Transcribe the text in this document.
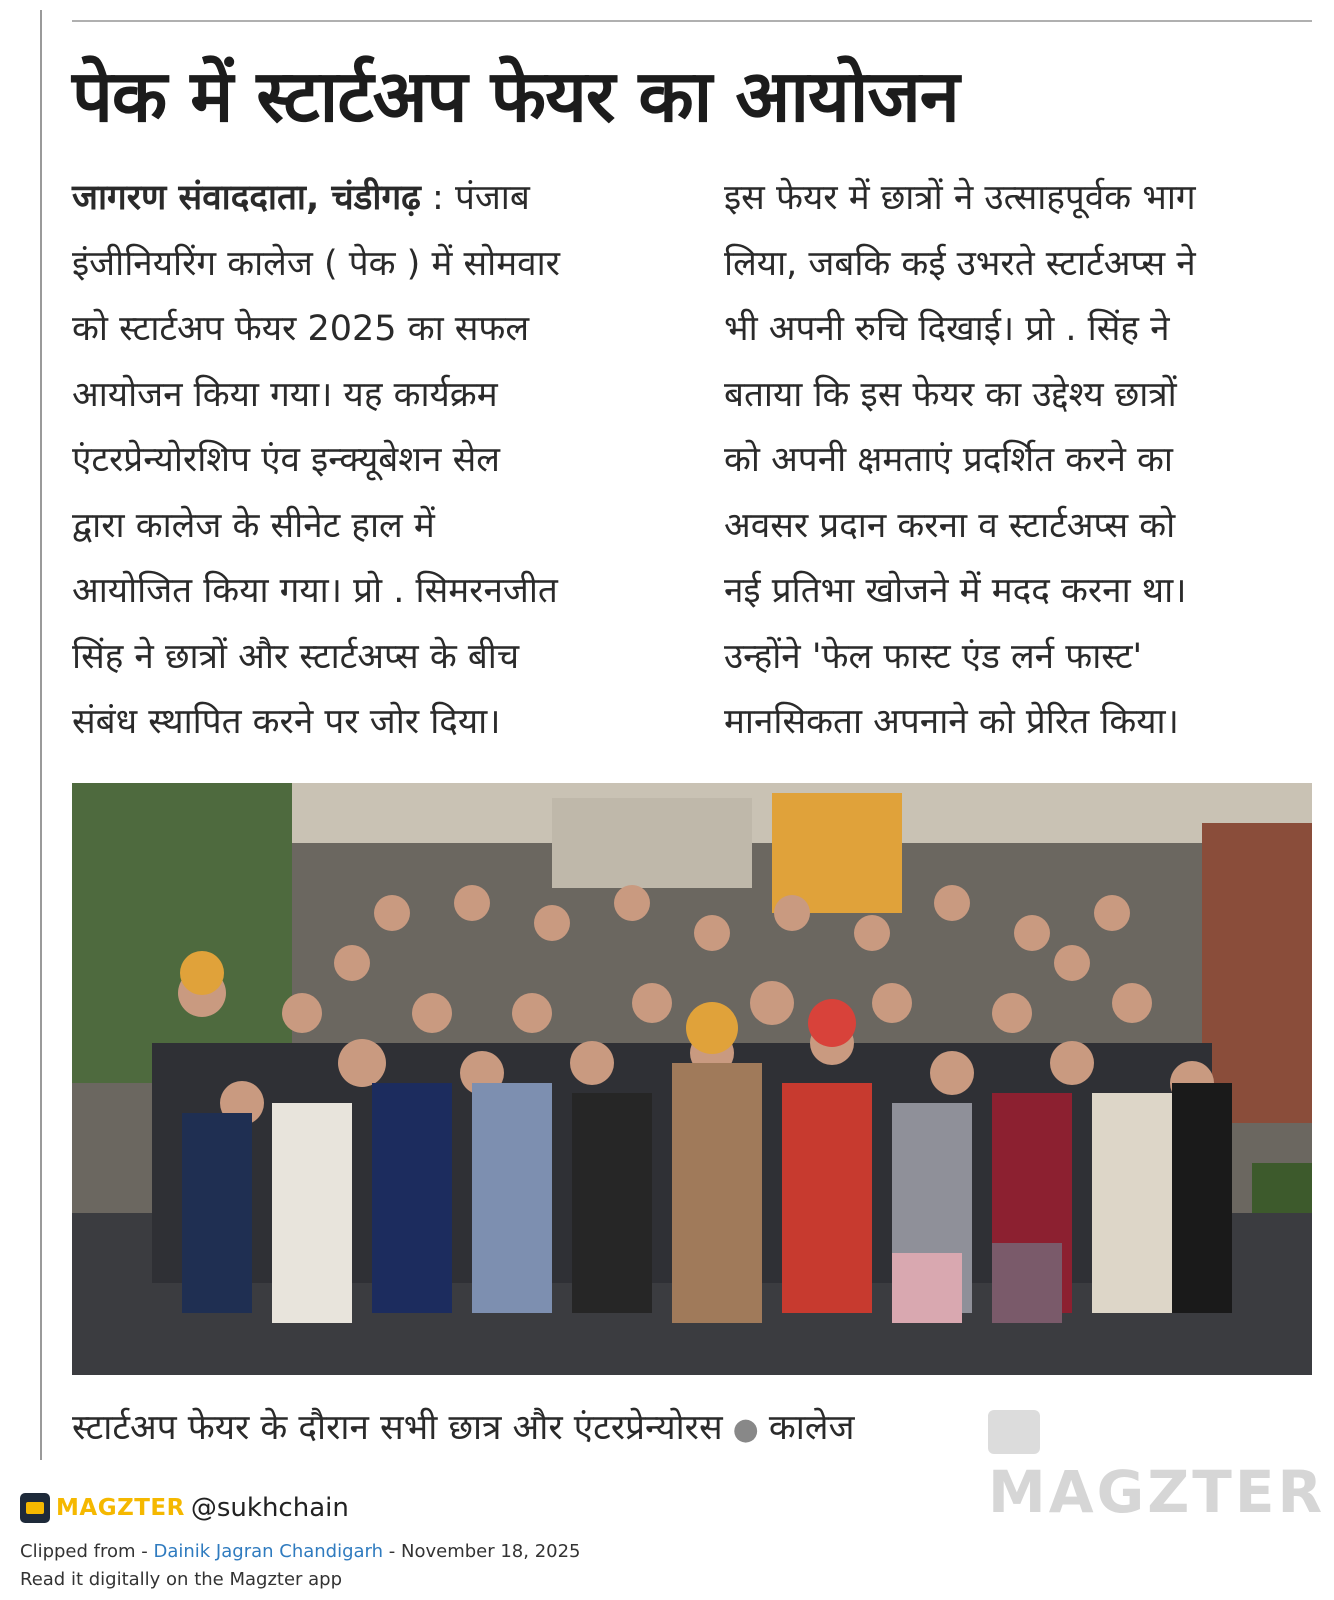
पेक में स्टार्टअप फेयर का आयोजन
जागरण संवाददाता, चंडीगढ़ : पंजाब
इंजीनियरिंग कालेज ( पेक ) में सोमवार
को स्टार्टअप फेयर 2025 का सफल
आयोजन किया गया। यह कार्यक्रम
एंटरप्रेन्योरशिप एंव इन्क्यूबेशन सेल
द्वारा कालेज के सीनेट हाल में
आयोजित किया गया। प्रो . सिमरनजीत
सिंह ने छात्रों और स्टार्टअप्स के बीच
संबंध स्थापित करने पर जोर दिया।
इस फेयर में छात्रों ने उत्साहपूर्वक भाग
लिया, जबकि कई उभरते स्टार्टअप्स ने
भी अपनी रुचि दिखाई। प्रो . सिंह ने
बताया कि इस फेयर का उद्देश्य छात्रों
को अपनी क्षमताएं प्रदर्शित करने का
अवसर प्रदान करना व स्टार्टअप्स को
नई प्रतिभा खोजने में मदद करना था।
उन्होंने 'फेल फास्ट एंड लर्न फास्ट'
मानसिकता अपनाने को प्रेरित किया।
स्टार्टअप फेयर के दौरान सभी छात्र और एंटरप्रेन्योरस ● कालेज
MAGZTER
MAGZTER @sukhchain
Clipped from - Dainik Jagran Chandigarh - November 18, 2025
Read it digitally on the Magzter app
